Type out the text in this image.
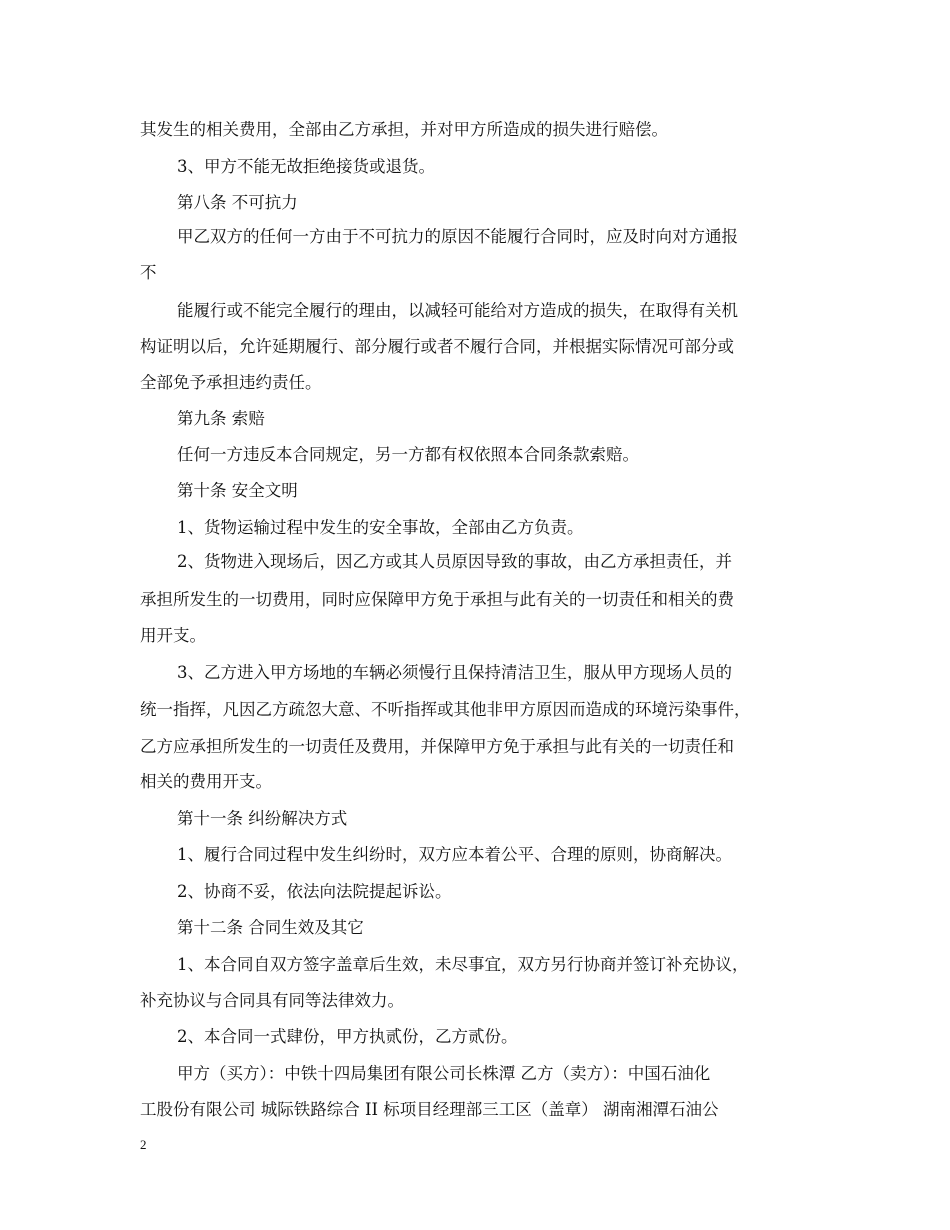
其发生的相关费用，全部由乙方承担，并对甲方所造成的损失进行赔偿。
3、甲方不能无故拒绝接货或退货。
第八条 不可抗力
甲乙双方的任何一方由于不可抗力的原因不能履行合同时，应及时向对方通报
不
能履行或不能完全履行的理由，以减轻可能给对方造成的损失，在取得有关机
构证明以后，允许延期履行、部分履行或者不履行合同，并根据实际情况可部分或
全部免予承担违约责任。
第九条 索赔
任何一方违反本合同规定，另一方都有权依照本合同条款索赔。
第十条 安全文明
1、货物运输过程中发生的安全事故，全部由乙方负责。
2、货物进入现场后，因乙方或其人员原因导致的事故，由乙方承担责任，并
承担所发生的一切费用，同时应保障甲方免于承担与此有关的一切责任和相关的费
用开支。
3、乙方进入甲方场地的车辆必须慢行且保持清洁卫生，服从甲方现场人员的
统一指挥，凡因乙方疏忽大意、不听指挥或其他非甲方原因而造成的环境污染事件，
乙方应承担所发生的一切责任及费用，并保障甲方免于承担与此有关的一切责任和
相关的费用开支。
第十一条 纠纷解决方式
1、履行合同过程中发生纠纷时，双方应本着公平、合理的原则，协商解决。
2、协商不妥，依法向法院提起诉讼。
第十二条 合同生效及其它
1、本合同自双方签字盖章后生效，未尽事宜，双方另行协商并签订补充协议，
补充协议与合同具有同等法律效力。
2、本合同一式肆份，甲方执贰份，乙方贰份。
甲方（买方）：中铁十四局集团有限公司长株潭 乙方（卖方）：中国石油化
工股份有限公司 城际铁路综合 II 标项目经理部三工区（盖章） 湖南湘潭石油公
2
